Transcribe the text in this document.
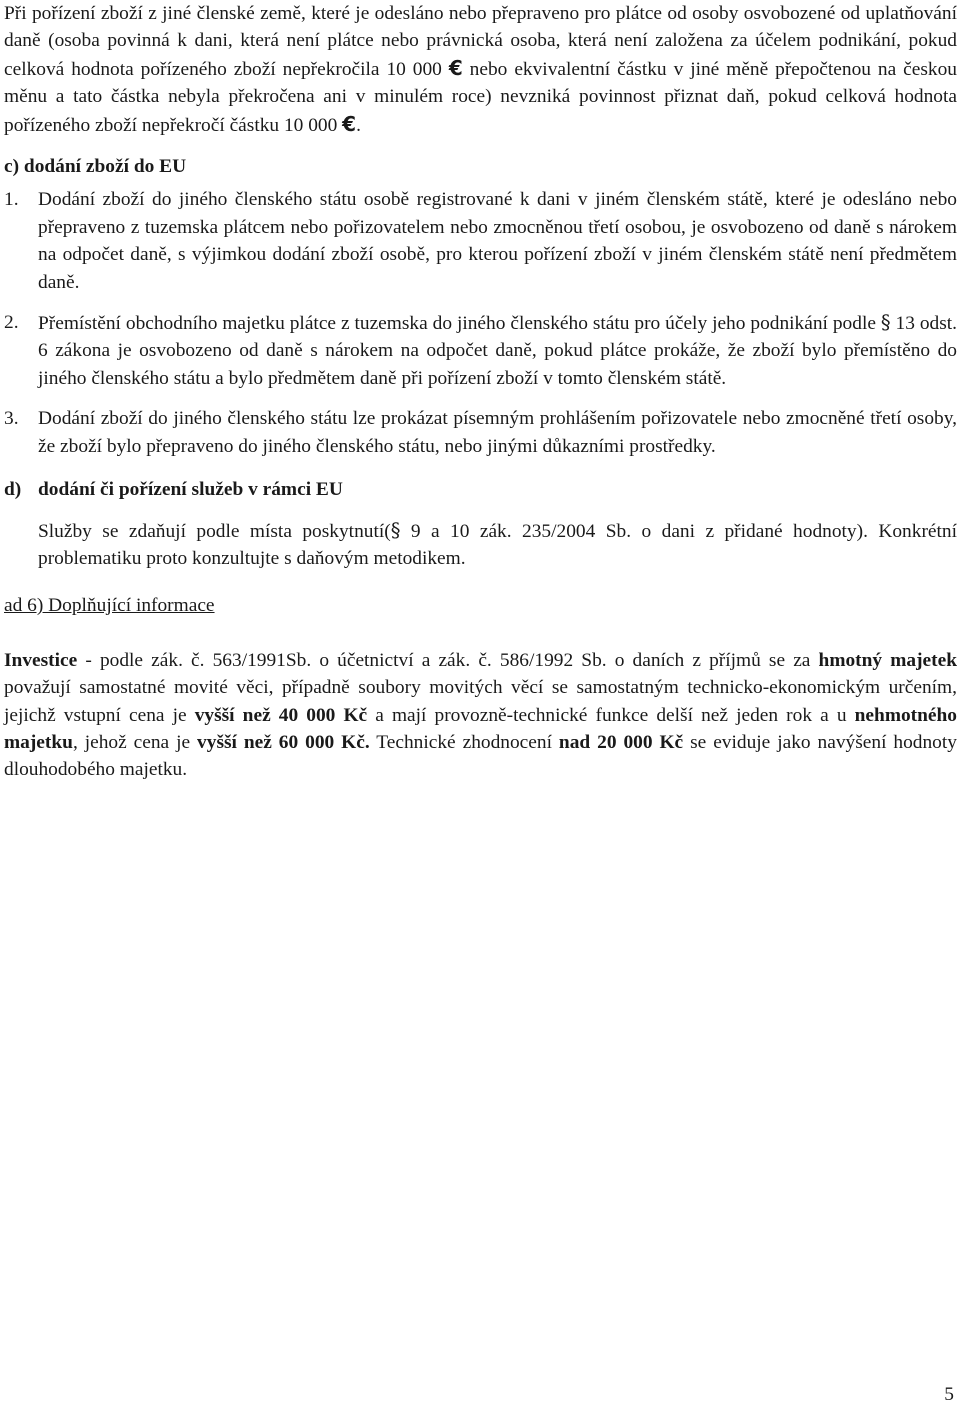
Při pořízení zboží z jiné členské země, které je odesláno nebo přepraveno pro plátce od osoby osvobozené od uplatňování daně (osoba povinná k dani, která není plátce nebo právnická osoba, která není založena za účelem podnikání, pokud celková hodnota pořízeného zboží nepřekročila 10 000 € nebo ekvivalentní částku v jiné měně přepočtenou na českou měnu a tato částka nebyla překročena ani v minulém roce) nevzniká povinnost přiznat daň, pokud celková hodnota pořízeného zboží nepřekročí částku 10 000 €.

c) dodání zboží do EU

1.	Dodání zboží do jiného členského státu osobě registrované k dani v jiném členském státě, které je odesláno nebo přepraveno z tuzemska plátcem nebo pořizovatelem nebo zmocněnou třetí osobou, je osvobozeno od daně s nárokem na odpočet daně, s výjimkou dodání zboží osobě, pro kterou pořízení zboží v jiném členském státě není předmětem daně.
2.	Přemístění obchodního majetku plátce z tuzemska do jiného členského státu pro účely jeho podnikání podle § 13 odst. 6 zákona je osvobozeno od daně s nárokem na odpočet daně, pokud plátce prokáže, že zboží bylo přemístěno do jiného členského státu a bylo předmětem daně při pořízení zboží v tomto členském státě.
3.	Dodání zboží do jiného členského státu lze prokázat písemným prohlášením pořizovatele nebo zmocněné třetí osoby, že zboží bylo přepraveno do jiného členského státu, nebo jinými důkazními prostředky.
d) dodání či pořízení služeb v rámci EU

Služby se zdaňují podle místa poskytnutí(§ 9 a 10 zák. 235/2004 Sb. o dani z přidané hodnoty). Konkrétní problematiku proto konzultujte s daňovým metodikem.

ad 6) Doplňující informace

Investice - podle zák. č. 563/1991Sb. o účetnictví a zák. č. 586/1992 Sb. o daních z příjmů se za hmotný majetek považují samostatné movité věci, případně soubory movitých věcí se samostatným technicko-ekonomickým určením, jejichž vstupní cena je vyšší než 40 000 Kč a mají provozně-technické funkce delší než jeden rok a u nehmotného majetku, jehož cena je vyšší než 60 000 Kč. Technické zhodnocení nad 20 000 Kč se eviduje jako navýšení hodnoty dlouhodobého majetku.

5
